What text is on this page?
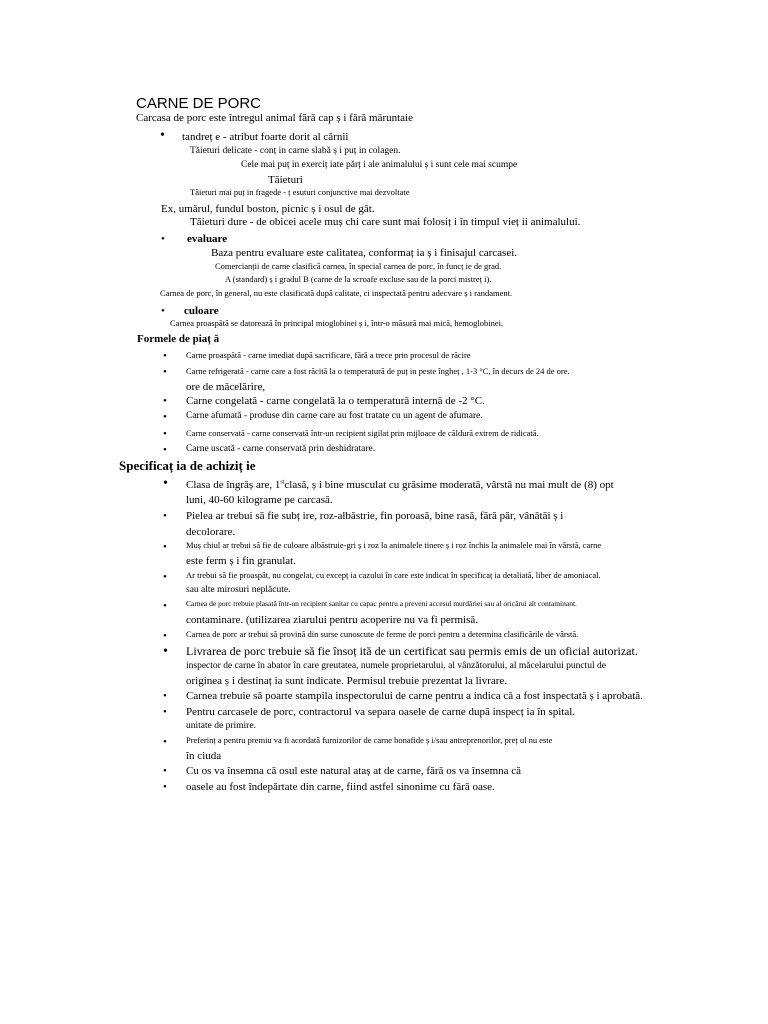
CARNE DE PORC
Carcasa de porc este întregul animal fără cap ș i fără măruntaie
• tandreț e - atribut foarte dorit al cărnii
Tăieturi delicate - conț in carne slabă ș i puț in colagen.
Cele mai puț in exerciț iate părț i ale animalului ș i sunt cele mai scumpe
Tăieturi
Tăieturi mai puț in fragede - ț esuturi conjunctive mai dezvoltate
Ex, umărul, fundul boston, picnic ș i osul de gât.
Tăieturi dure - de obicei acele muș chi care sunt mai folosiț i în timpul vieț ii animalului.
• evaluare
Baza pentru evaluare este calitatea, conformaț ia ș i finisajul carcasei.
Comercianții de carne clasifică carnea, în special carnea de porc, în funcț ie de grad.
A (standard) ș i gradul B (carne de la scroafe excluse sau de la porci mistreț i).
Carnea de porc, în general, nu este clasificată după calitate, ci inspectată pentru adecvare ș i randament.
• culoare
Carnea proaspătă se datorează în principal mioglobinei ș i, într-o măsură mai mică, hemoglobinei.
Formele de piaț ă
• Carne proaspătă - carne imediat după sacrificare, fără a trece prin procesul de răcire
• Carne refrigerată - carne care a fost răcită la o temperatură de puț in peste îngheț , 1-3 °C, în decurs de 24 de ore.
ore de măcelărire,
• Carne congelată - carne congelată la o temperatură internă de -2 °C.
• Carne afumată - produse din carne care au fost tratate cu un agent de afumare.
• Carne conservată - carne conservată într-un recipient sigilat prin mijloace de căldură extrem de ridicată.
• Carne uscată - carne conservată prin deshidratare.
Specificaț ia de achiziț ie
• Clasa de îngrăș are, 1stclasă, ș i bine musculat cu grăsime moderată, vârstă nu mai mult de (8) opt
luni, 40-60 kilograme pe carcasă.
• Pielea ar trebui să fie subț ire, roz-albăstrie, fin poroasă, bine rasă, fără păr, vânătăi ș i
decolorare.
• Muș chiul ar trebui să fie de culoare albăstruie-gri ș i roz la animalele tinere ș i roz închis la animalele mai în vârstă, carne
este ferm ș i fin granulat.
• Ar trebui să fie proaspăt, nu congelat, cu excepț ia cazului în care este indicat în specificaț ia detaliată, liber de amoniacal.
sau alte mirosuri neplăcute.
•	Carnea de porc trebuie plasată într-un recipient sanitar cu capac pentru a preveni accesul murdăriei sau al oricărui alt contaminant.
contaminare. (utilizarea ziarului pentru acoperire nu va fi permisă.
• Carnea de porc ar trebui să provină din surse cunoscute de ferme de porci pentru a determina clasificările de vârstă.
• Livrarea de porc trebuie să fie însoț ită de un certificat sau permis emis de un oficial autorizat.
inspector de carne în abator în care greutatea, numele proprietarului, al vânzătorului, al măcelarului punctul de
originea ș i destinaț ia sunt indicate. Permisul trebuie prezentat la livrare.
• Carnea trebuie să poarte stampila inspectorului de carne pentru a indica că a fost inspectată ș i aprobată.
• Pentru carcasele de porc, contractorul va separa oasele de carne după inspecț ia în spital.
unitate de primire.
• Preferinț a pentru premiu va fi acordată furnizorilor de carne bonafide ș i/sau antreprenorilor, preț ul nu este
în ciuda
• Cu os va însemna că osul este natural ataș at de carne, fără os va însemna că
• oasele au fost îndepărtate din carne, fiind astfel sinonime cu fără oase.
